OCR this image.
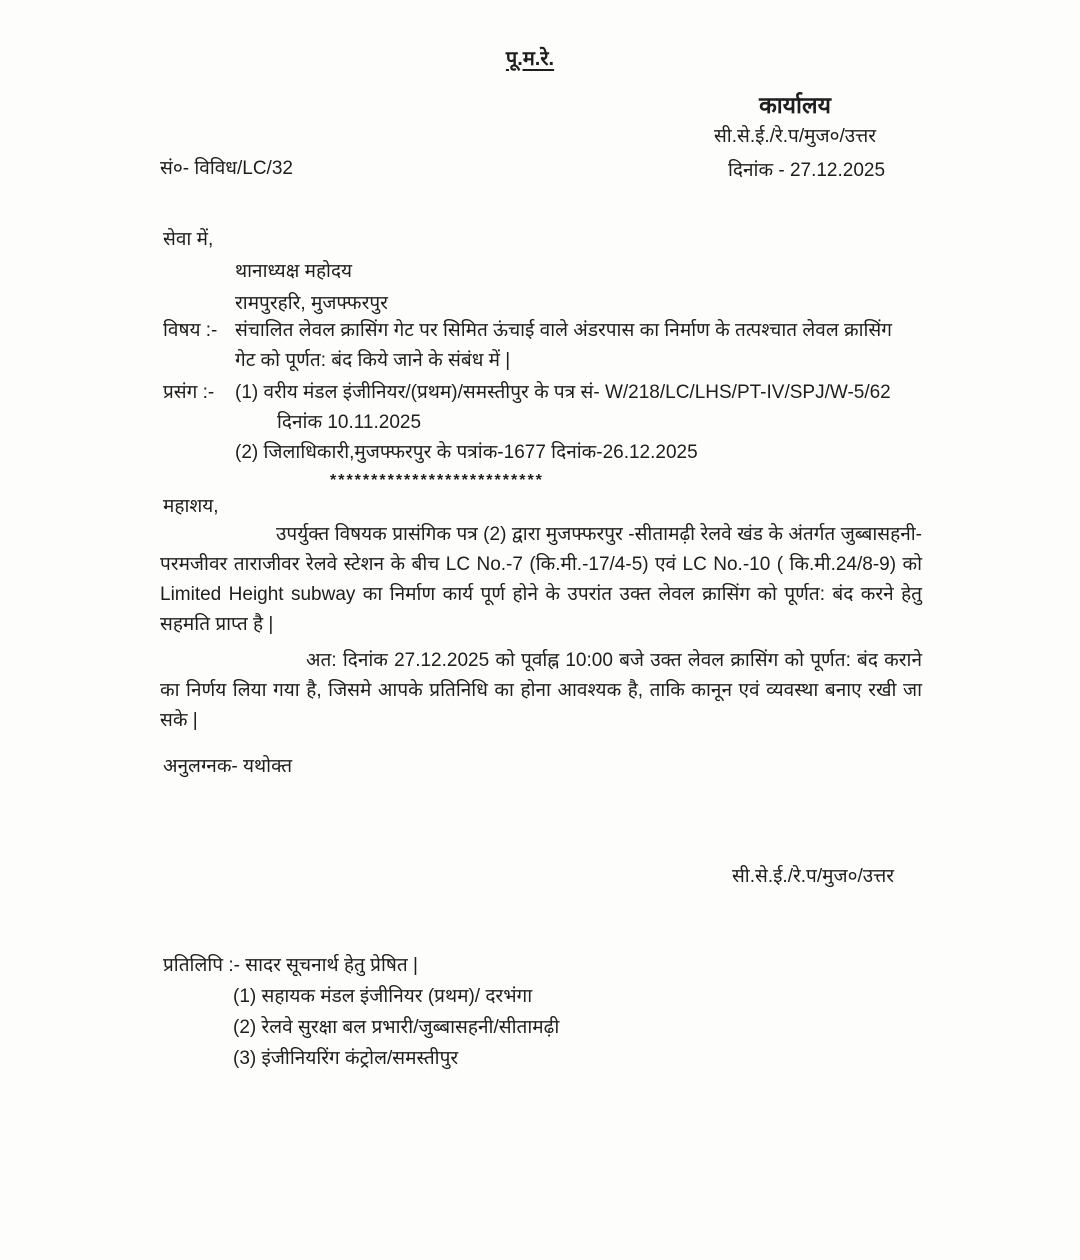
पू.म.रे.
कार्यालय
सी.से.ई./रे.प/मुज०/उत्तर
सं०- विविध/LC/32	दिनांक - 27.12.2025
सेवा में,
थानाध्यक्ष महोदय
रामपुरहरि, मुजफ्फरपुर
विषय :- संचालित लेवल क्रासिंग गेट पर सिमित ऊंचाई वाले अंडरपास का निर्माण के तत्पश्चात लेवल क्रासिंग गेट को पूर्णत: बंद किये जाने के संबंध में |
प्रसंग :-	(1) वरीय मंडल इंजीनियर/(प्रथम)/समस्तीपुर के पत्र सं- W/218/LC/LHS/PT-IV/SPJ/W-5/62
दिनांक 10.11.2025
(2) जिलाधिकारी,मुजफ्फरपुर के पत्रांक-1677 दिनांक-26.12.2025
**************************
महाशय,

उपर्युक्त विषयक प्रासंगिक पत्र (2) द्वारा मुजफ्फरपुर -सीतामढ़ी रेलवे खंड के अंतर्गत जुब्बासहनी- परमजीवर ताराजीवर रेलवे स्टेशन के बीच LC No.-7 (कि.मी.-17/4-5) एवं LC No.-10 ( कि.मी.24/8-9) को Limited Height subway का निर्माण कार्य पूर्ण होने के उपरांत उक्त लेवल क्रासिंग को पूर्णत: बंद करने हेतु सहमति प्राप्त है |

अत: दिनांक 27.12.2025 को पूर्वाह्न 10:00 बजे उक्त लेवल क्रासिंग को पूर्णत: बंद कराने का निर्णय लिया गया है, जिसमे आपके प्रतिनिधि का होना आवश्यक है, ताकि कानून एवं व्यवस्था बनाए रखी जा सके |

अनुलग्नक- यथोक्त
सी.से.ई./रे.प/मुज०/उत्तर
प्रतिलिपि :- सादर सूचनार्थ हेतु प्रेषित |
(1) सहायक मंडल इंजीनियर (प्रथम)/ दरभंगा
(2) रेलवे सुरक्षा बल प्रभारी/जुब्बासहनी/सीतामढ़ी
(3) इंजीनियरिंग कंट्रोल/समस्तीपुर
